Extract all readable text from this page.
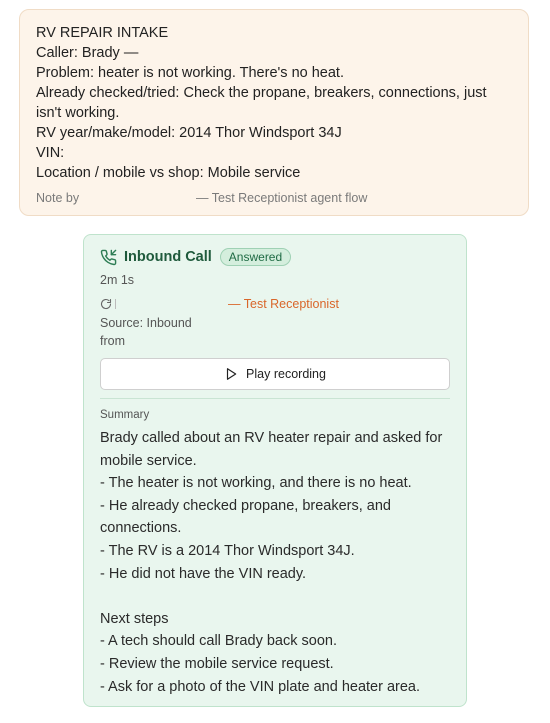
RV REPAIR INTAKE
Caller: Brady —
Problem: heater is not working. There's no heat.
Already checked/tried: Check the propane, breakers, connections, just isn't working.
RV year/make/model: 2014 Thor Windsport 34J
VIN:
Location / mobile vs shop: Mobile service
Note by	— Test Receptionist agent flow
Inbound Call	Answered
2m 1s
— Test Receptionist
Source: Inbound from
Play recording
Summary
Brady called about an RV heater repair and asked for mobile service.
- The heater is not working, and there is no heat.
- He already checked propane, breakers, and connections.
- The RV is a 2014 Thor Windsport 34J.
- He did not have the VIN ready.
Next steps
- A tech should call Brady back soon.
- Review the mobile service request.
- Ask for a photo of the VIN plate and heater area.
